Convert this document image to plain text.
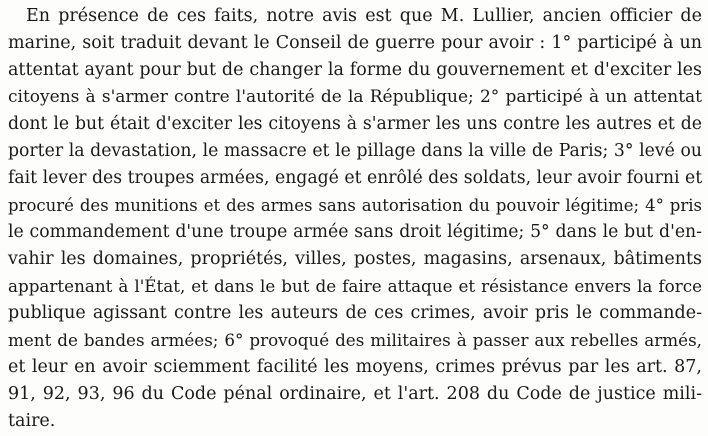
En présence de ces faits, notre avis est que M. Lullier, ancien officier de
marine, soit traduit devant le Conseil de guerre pour avoir : 1° participé à un
attentat ayant pour but de changer la forme du gouvernement et d'exciter les
citoyens à s'armer contre l'autorité de la République; 2° participé à un attentat
dont le but était d'exciter les citoyens à s'armer les uns contre les autres et de
porter la devastation, le massacre et le pillage dans la ville de Paris; 3° levé ou
fait lever des troupes armées, engagé et enrôlé des soldats, leur avoir fourni et
procuré des munitions et des armes sans autorisation du pouvoir légitime; 4° pris
le commandement d'une troupe armée sans droit légitime; 5° dans le but d'en-
vahir les domaines, propriétés, villes, postes, magasins, arsenaux, bâtiments
appartenant à l'État, et dans le but de faire attaque et résistance envers la force
publique agissant contre les auteurs de ces crimes, avoir pris le commande-
ment de bandes armées; 6° provoqué des militaires à passer aux rebelles armés,
et leur en avoir sciemment facilité les moyens, crimes prévus par les art. 87,
91, 92, 93, 96 du Code pénal ordinaire, et l'art. 208 du Code de justice mili-
taire.
